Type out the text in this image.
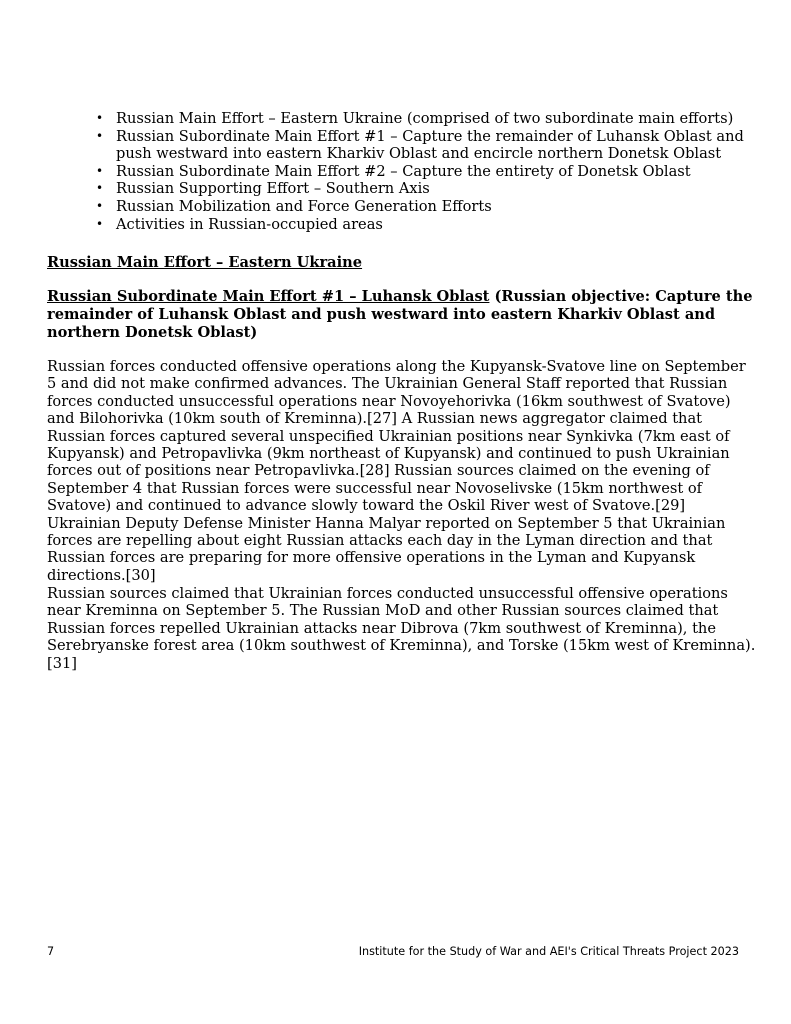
• Russian Main Effort – Eastern Ukraine (comprised of two subordinate main efforts)
• Russian Subordinate Main Effort #1 – Capture the remainder of Luhansk Oblast and push westward into eastern Kharkiv Oblast and encircle northern Donetsk Oblast
• Russian Subordinate Main Effort #2 – Capture the entirety of Donetsk Oblast
• Russian Supporting Effort – Southern Axis
• Russian Mobilization and Force Generation Efforts
• Activities in Russian-occupied areas
Russian Main Effort – Eastern Ukraine
Russian Subordinate Main Effort #1 – Luhansk Oblast (Russian objective: Capture the remainder of Luhansk Oblast and push westward into eastern Kharkiv Oblast and northern Donetsk Oblast)

Russian forces conducted offensive operations along the Kupyansk-Svatove line on September 5 and did not make confirmed advances. The Ukrainian General Staff reported that Russian forces conducted unsuccessful operations near Novoyehorivka (16km southwest of Svatove) and Bilohorivka (10km south of Kreminna).[27] A Russian news aggregator claimed that Russian forces captured several unspecified Ukrainian positions near Synkivka (7km east of Kupyansk) and Petropavlivka (9km northeast of Kupyansk) and continued to push Ukrainian forces out of positions near Petropavlivka.[28] Russian sources claimed on the evening of September 4 that Russian forces were successful near Novoselivske (15km northwest of Svatove) and continued to advance slowly toward the Oskil River west of Svatove.[29] Ukrainian Deputy Defense Minister Hanna Malyar reported on September 5 that Ukrainian forces are repelling about eight Russian attacks each day in the Lyman direction and that Russian forces are preparing for more offensive operations in the Lyman and Kupyansk directions.[30]

Russian sources claimed that Ukrainian forces conducted unsuccessful offensive operations near Kreminna on September 5. The Russian MoD and other Russian sources claimed that Russian forces repelled Ukrainian attacks near Dibrova (7km southwest of Kreminna), the Serebryanske forest area (10km southwest of Kreminna), and Torske (15km west of Kreminna).[31]

7	Institute for the Study of War and AEI's Critical Threats Project 2023
